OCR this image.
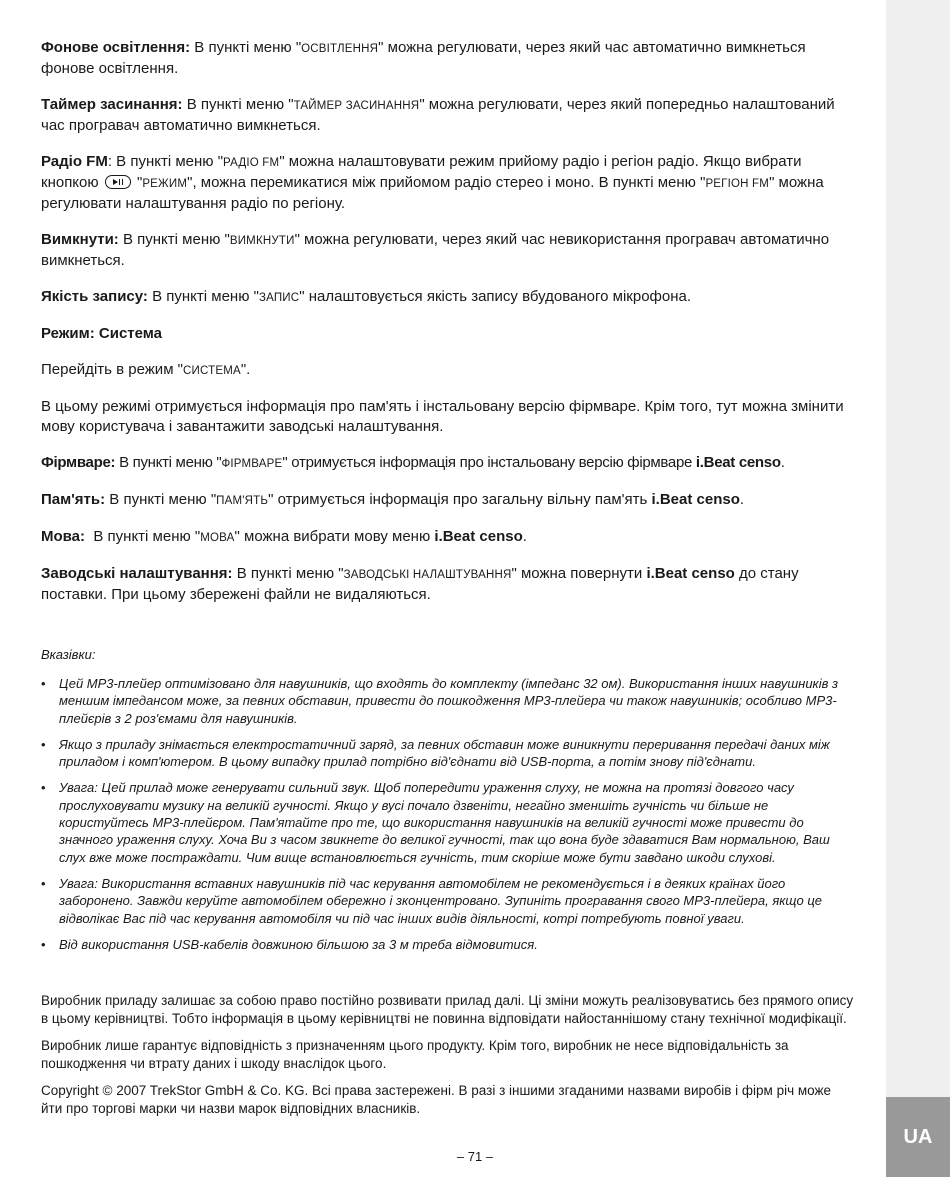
UA

Фонове освітлення: В пункті меню "ОСВІТЛЕННЯ" можна регулювати, через який час автоматично вимкнеться фонове освітлення.

Таймер засинання: В пункті меню "ТАЙМЕР ЗАСИНАННЯ" можна регулювати, через який попередньо налаштований час програвач автоматично вимкнеться.

Радіо FM: В пункті меню "РАДІО FM" можна налаштовувати режим прийому радіо і регіон радіо. Якщо вибрати кнопкою  "РЕЖИМ", можна перемикатися між прийомом радіо стерео і моно. В пункті меню "РЕГІОН FM" можна регулювати налаштування радіо по регіону.

Вимкнути: В пункті меню "ВИМКНУТИ" можна регулювати, через який час невикористання програвач автоматично вимкнеться.

Якість запису: В пункті меню "ЗАПИС" налаштовується якість запису вбудованого мікрофона.

Режим: Система

Перейдіть в режим "СИСТЕМА".

В цьому режимі отримується інформація про пам'ять і інстальовану версію фірмваре. Крім того, тут можна змінити мову користувача і завантажити заводські налаштування.

Фірмваре: В пункті меню "ФІРМВАРЕ" отримується інформація про інстальовану версію фірмваре i.Beat censo.

Пам'ять: В пункті меню "ПАМ'ЯТЬ" отримується інформація про загальну вільну пам'ять i.Beat censo.

Мова:  В пункті меню "МОВА" можна вибрати мову меню i.Beat censo.

Заводські налаштування: В пункті меню "ЗАВОДСЬКІ НАЛАШТУВАННЯ" можна повернути i.Beat censo до стану поставки. При цьому збережені файли не видаляються.

Вказівки:

• Цей MP3-плейер оптимізовано для навушників, що входять до комплекту (імпеданс 32 ом). Використання інших навушників з меншим імпедансом може, за певних обставин, привести до пошкодження MP3-плейера чи також навушників; особливо MP3-плейєрів з 2 роз'ємами для навушників.
• Якщо з приладу знімається електростатичний заряд, за певних обставин може виникнути переривання передачі даних між приладом і комп'ютером. В цьому випадку прилад потрібно від'єднати від USB-порта, а потім знову під'єднати.
• Увага: Цей прилад може генерувати сильний звук. Щоб попередити ураження слуху, не можна на протязі довгого часу прослуховувати музику на великій гучності. Якщо у вусі почало дзвеніти, негайно зменшіть гучність чи більше не користуйтесь MP3-плейєром. Пам'ятайте про те, що використання навушників на великій гучності може привести до значного ураження слуху. Хоча Ви з часом звикнете до великої гучності, так що вона буде здаватися Вам нормальною, Ваш слух вже може постраждати. Чим вище встановлюється гучність, тим скоріше може бути завдано шкоди слухові.
• Увага: Використання вставних навушників під час керування автомобілем не рекомендується і в деяких країнах його заборонено. Завжди керуйте автомобілем обережно і зконцентровано. Зупиніть програвання свого MP3-плейера, якщо це відволікає Вас під час керування автомобіля чи під час інших видів діяльності, котрі потребують повної уваги.
• Від використання USB-кабелів довжиною більшою за 3 м треба відмовитися.

Виробник приладу залишає за собою право постійно розвивати прилад далі. Ці зміни можуть реалізовуватись без прямого опису в цьому керівництві. Тобто інформація в цьому керівництві не повинна відповідати найостаннішому стану технічної модифікації.

Виробник лише гарантує відповідність з призначенням цього продукту. Крім того, виробник не несе відповідальність за пошкодження чи втрату даних і шкоду внаслідок цього.

Copyright © 2007 TrekStor GmbH & Co. KG. Всі права застережені. В разі з іншими згаданими назвами виробів і фірм річ може йти про торгові марки чи назви марок відповідних власників.

– 71 –
